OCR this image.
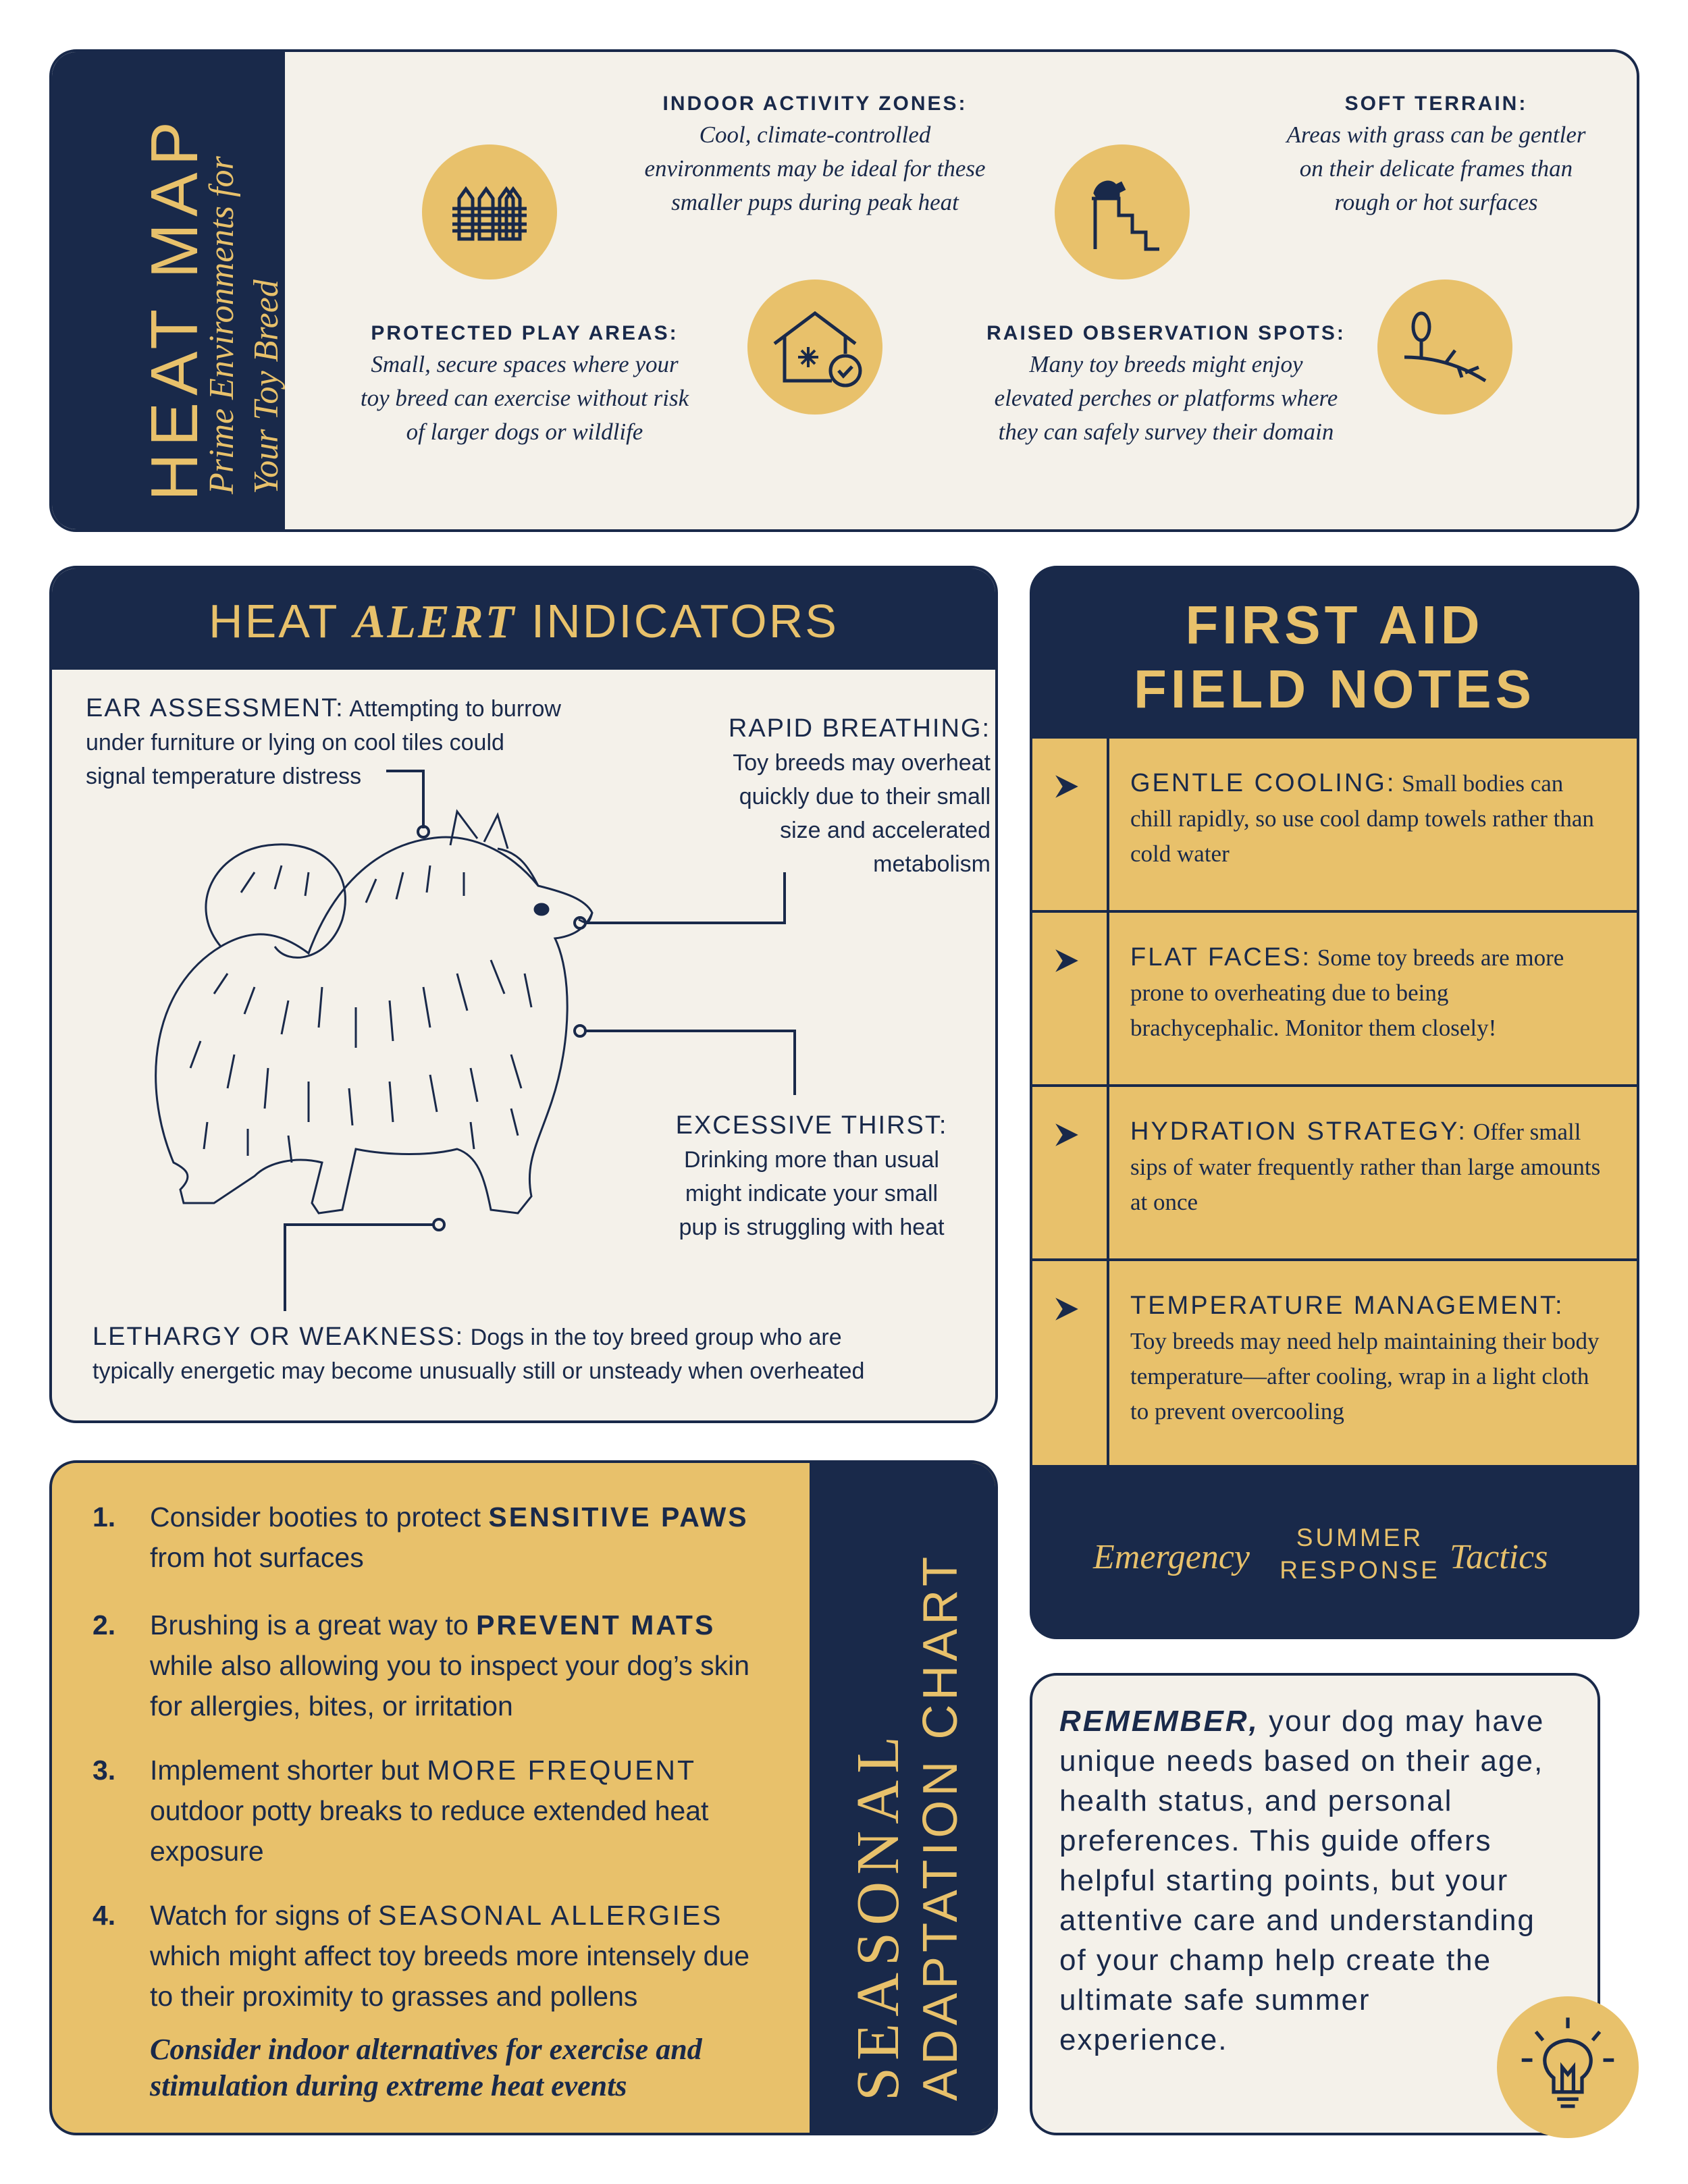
HEAT MAP
Prime Environments for Your Toy Breed
INDOOR ACTIVITY ZONES:
Cool, climate-controlled
environments may be ideal for these
smaller pups during peak heat
SOFT TERRAIN:
Areas with grass can be gentler
on their delicate frames than
rough or hot surfaces
PROTECTED PLAY AREAS:
Small, secure spaces where your
toy breed can exercise without risk
of larger dogs or wildlife
RAISED OBSERVATION SPOTS:
Many toy breeds might enjoy
elevated perches or platforms where
they can safely survey their domain
HEAT ALERT INDICATORS
EAR ASSESSMENT: Attempting to burrow
under furniture or lying on cool tiles could
signal temperature distress
RAPID BREATHING:
Toy breeds may overheat
quickly due to their small
size and accelerated
metabolism
EXCESSIVE THIRST:
Drinking more than usual
might indicate your small
pup is struggling with heat
LETHARGY OR WEAKNESS: Dogs in the toy breed group who are
typically energetic may become unusually still or unsteady when overheated
FIRST AID
FIELD NOTES
GENTLE COOLING: Small bodies can chill rapidly, so use cool damp towels rather than cold water
FLAT FACES: Some toy breeds are more prone to overheating due to being brachycephalic. Monitor them closely!
HYDRATION STRATEGY: Offer small sips of water frequently rather than large amounts at once
TEMPERATURE MANAGEMENT:
Toy breeds may need help maintaining their body temperature—after cooling, wrap in a light cloth to prevent overcooling
Emergency
SUMMER
RESPONSE Tactics
SEASONAL ADAPTATION CHART
1. Consider booties to protect SENSITIVE PAWS from hot surfaces
2. Brushing is a great way to PREVENT MATS while also allowing you to inspect your dog’s skin for allergies, bites, or irritation
3. Implement shorter but MORE FREQUENT outdoor potty breaks to reduce extended heat exposure
4. Watch for signs of SEASONAL ALLERGIES which might affect toy breeds more intensely due to their proximity to grasses and pollens
Consider indoor alternatives for exercise and
stimulation during extreme heat events
REMEMBER, your dog may have unique needs based on their age, health status, and personal preferences. This guide offers helpful starting points, but your attentive care and understanding of your champ help create the ultimate safe summer experience.
